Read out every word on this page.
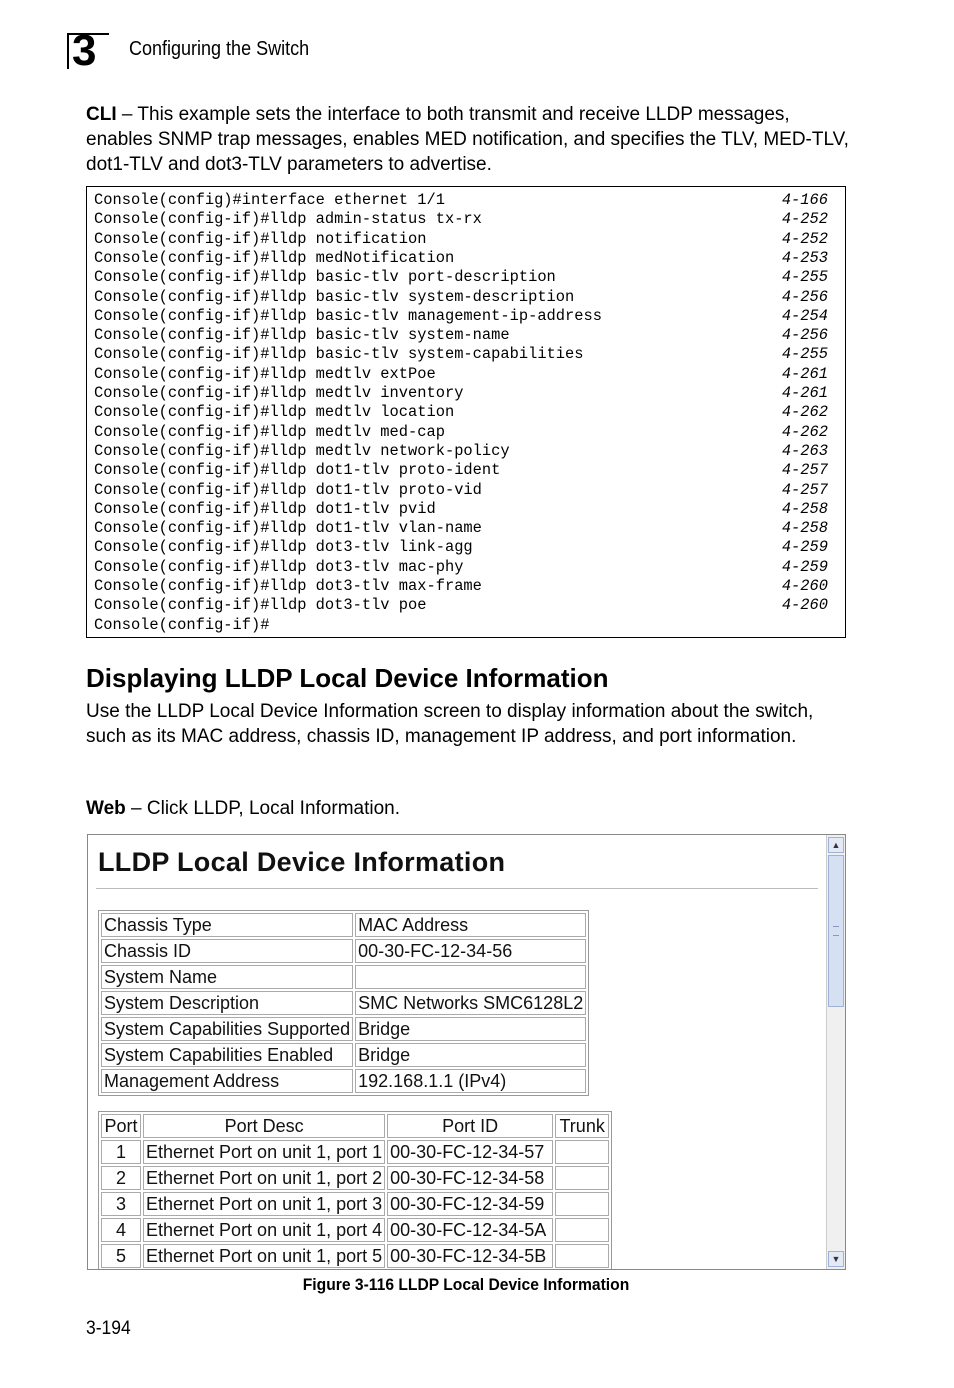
3 Configuring the Switch
CLI – This example sets the interface to both transmit and receive LLDP messages, enables SNMP trap messages, enables MED notification, and specifies the TLV, MED-TLV, dot1-TLV and dot3-TLV parameters to advertise.
Console(config)#interface ethernet 1/1	4-166
Console(config-if)#lldp admin-status tx-rx	4-252
Console(config-if)#lldp notification	4-252
Console(config-if)#lldp medNotification	4-253
Console(config-if)#lldp basic-tlv port-description	4-255
Console(config-if)#lldp basic-tlv system-description	4-256
Console(config-if)#lldp basic-tlv management-ip-address	4-254
Console(config-if)#lldp basic-tlv system-name	4-256
Console(config-if)#lldp basic-tlv system-capabilities	4-255
Console(config-if)#lldp medtlv extPoe	4-261
Console(config-if)#lldp medtlv inventory	4-261
Console(config-if)#lldp medtlv location	4-262
Console(config-if)#lldp medtlv med-cap	4-262
Console(config-if)#lldp medtlv network-policy	4-263
Console(config-if)#lldp dot1-tlv proto-ident	4-257
Console(config-if)#lldp dot1-tlv proto-vid	4-257
Console(config-if)#lldp dot1-tlv pvid	4-258
Console(config-if)#lldp dot1-tlv vlan-name	4-258
Console(config-if)#lldp dot3-tlv link-agg	4-259
Console(config-if)#lldp dot3-tlv mac-phy	4-259
Console(config-if)#lldp dot3-tlv max-frame	4-260
Console(config-if)#lldp dot3-tlv poe	4-260
Console(config-if)#
Displaying LLDP Local Device Information
Use the LLDP Local Device Information screen to display information about the switch, such as its MAC address, chassis ID, management IP address, and port information.
Web – Click LLDP, Local Information.
LLDP Local Device Information
Chassis Type	MAC Address
Chassis ID	00-30-FC-12-34-56
System Name	
System Description	SMC Networks SMC6128L2
System Capabilities Supported	Bridge
System Capabilities Enabled	Bridge
Management Address	192.168.1.1 (IPv4)
Port	Port Desc	Port ID	Trunk
1	Ethernet Port on unit 1, port 1	00-30-FC-12-34-57	
2	Ethernet Port on unit 1, port 2	00-30-FC-12-34-58	
3	Ethernet Port on unit 1, port 3	00-30-FC-12-34-59	
4	Ethernet Port on unit 1, port 4	00-30-FC-12-34-5A	
5	Ethernet Port on unit 1, port 5	00-30-FC-12-34-5B	
▲
▼
Figure 3-116 LLDP Local Device Information
3-194
